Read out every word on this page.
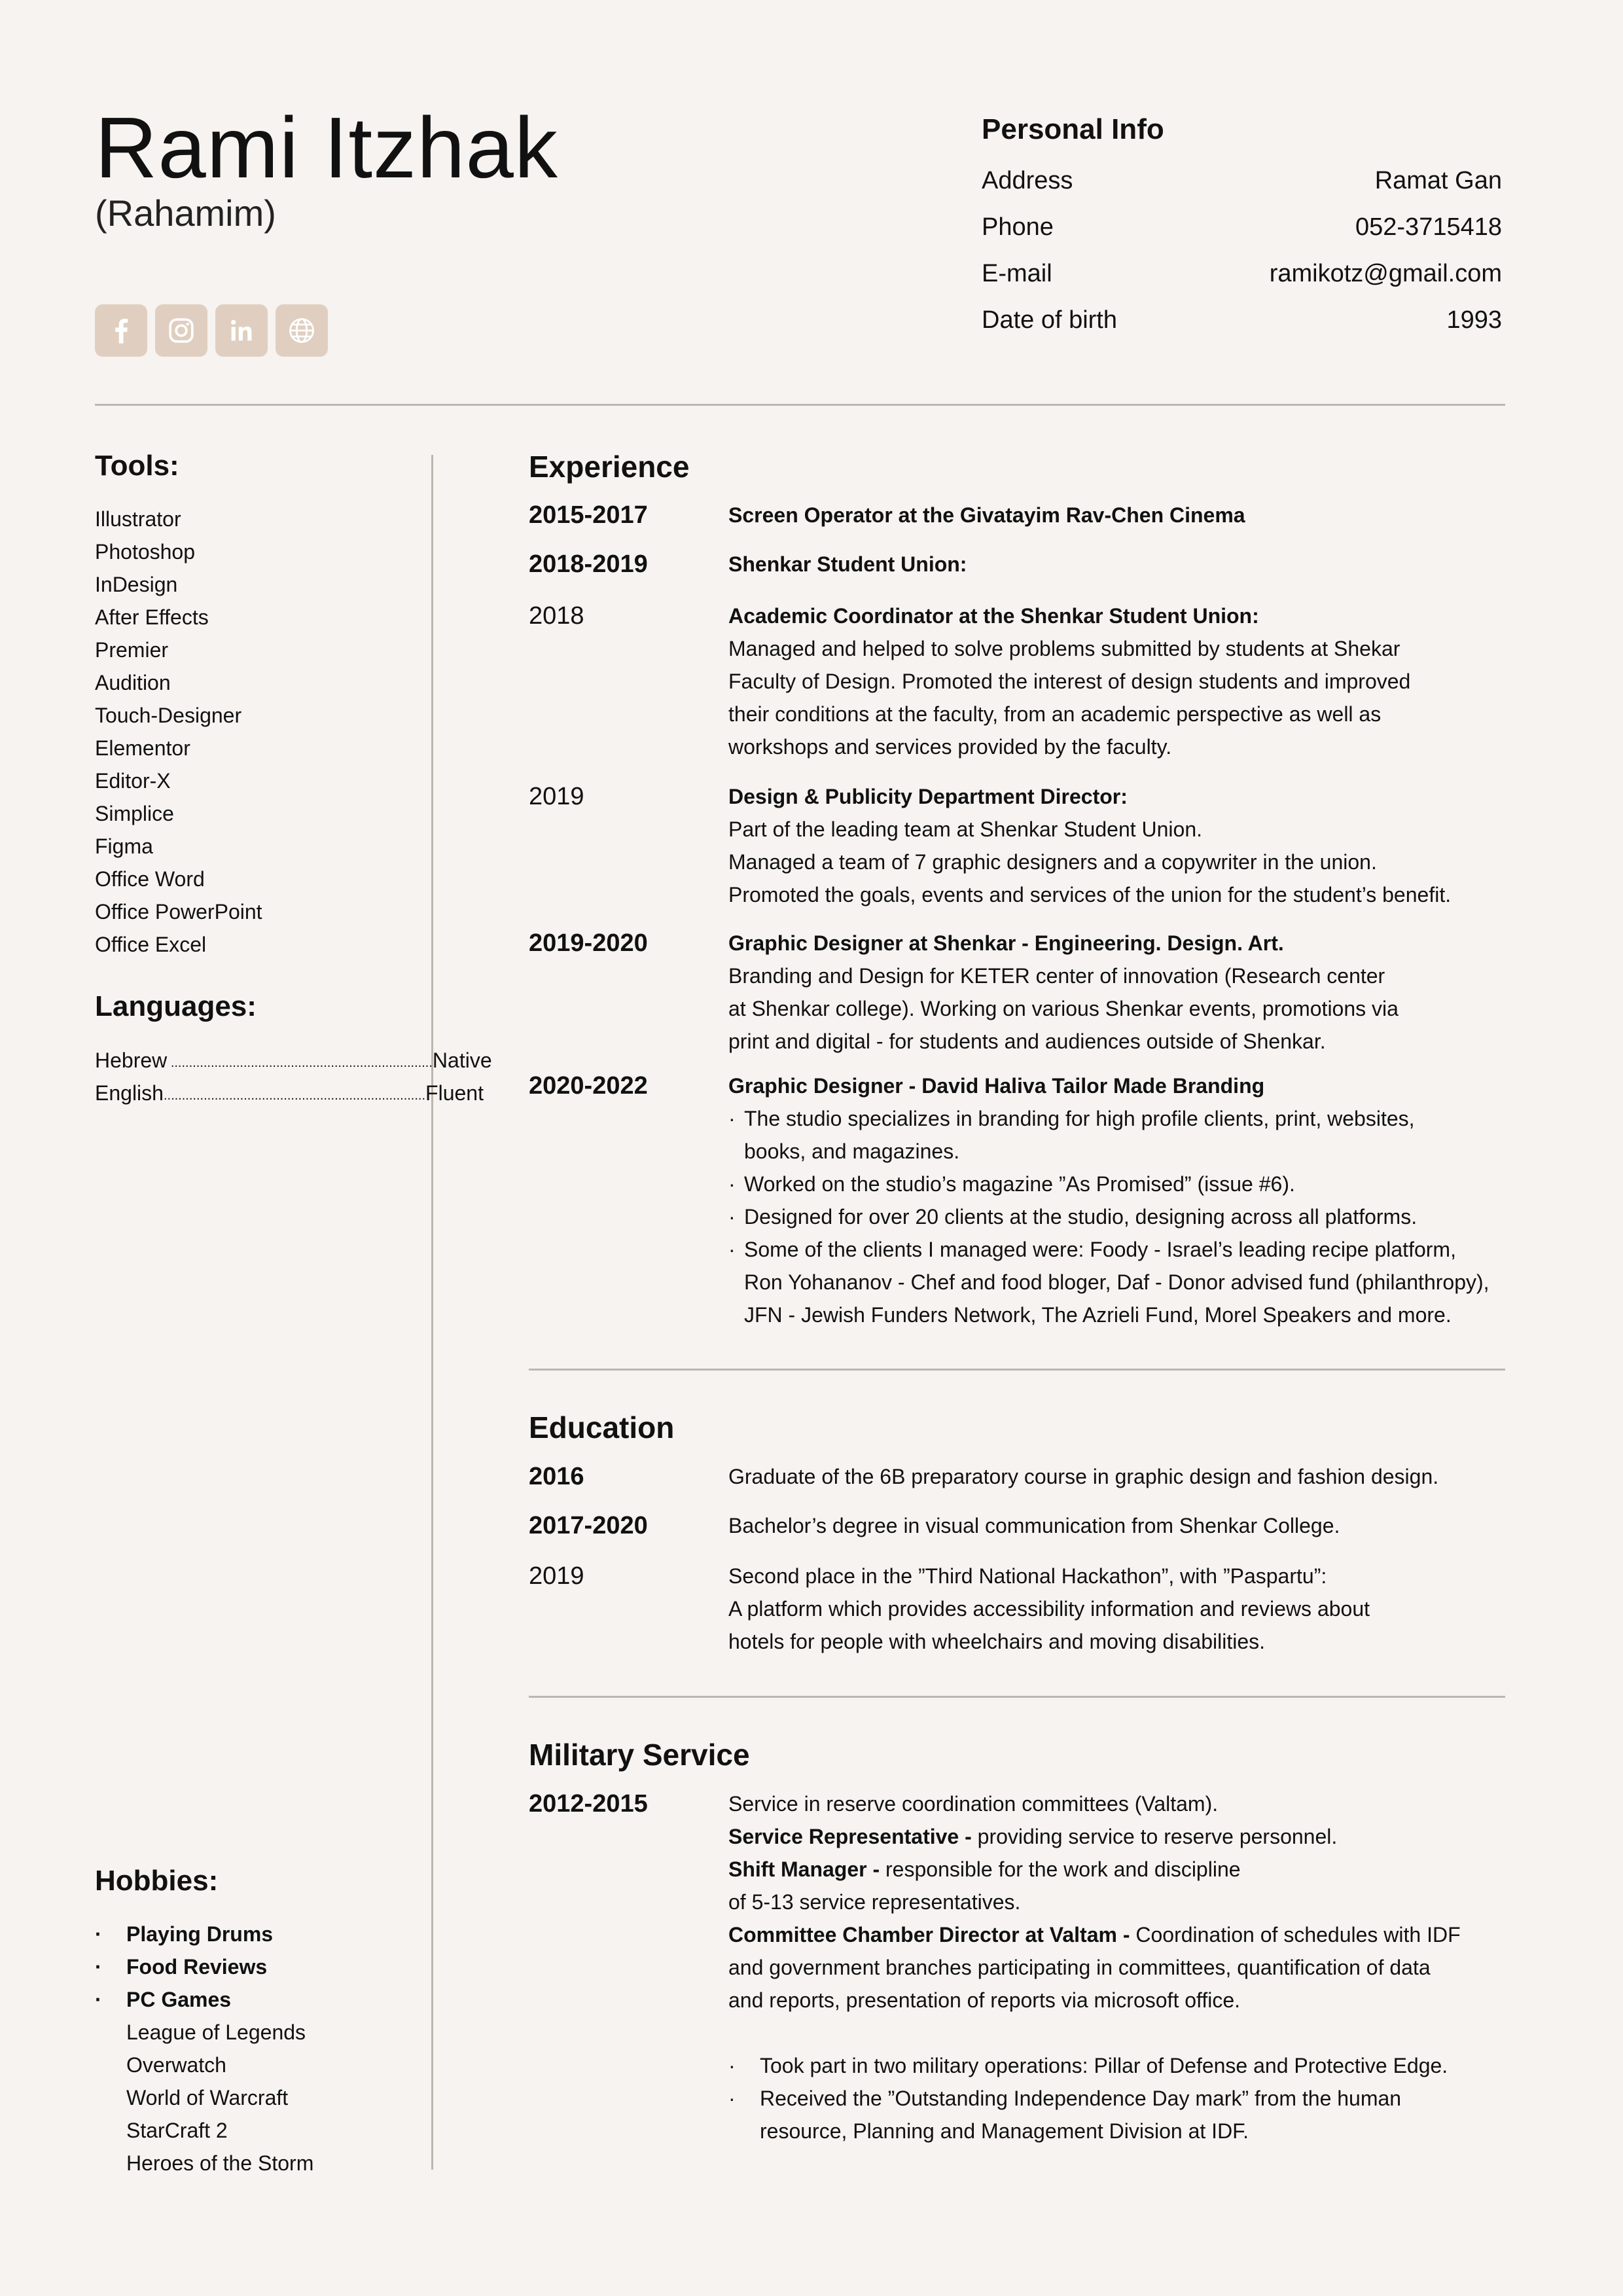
Rami Itzhak
(Rahamim)
Personal Info
Address	Ramat Gan
Phone	052-3715418
E-mail	ramikotz@gmail.com
Date of birth	1993
Tools:
Illustrator
Photoshop
InDesign
After Effects
Premier
Audition
Touch-Designer
Elementor
Editor-X
Simplice
Figma
Office Word
Office PowerPoint
Office Excel
Languages:
Hebrew ........................................................................ Native
English ........................................................................ Fluent
Hobbies:
·	Playing Drums
·	Food Reviews
·	PC Games
League of Legends
Overwatch
World of Warcraft
StarCraft 2
Heroes of the Storm
Experience
2015-2017	Screen Operator at the Givatayim Rav-Chen Cinema
2018-2019	Shenkar Student Union:
2018	Academic Coordinator at the Shenkar Student Union:
Managed and helped to solve problems submitted by students at Shekar
Faculty of Design. Promoted the interest of design students and improved
their conditions at the faculty, from an academic perspective as well as
workshops and services provided by the faculty.
2019	Design & Publicity Department Director:
Part of the leading team at Shenkar Student Union.
Managed a team of 7 graphic designers and a copywriter in the union.
Promoted the goals, events and services of the union for the student’s benefit.
2019-2020	Graphic Designer at Shenkar - Engineering. Design. Art.
Branding and Design for KETER center of innovation (Research center
at Shenkar college). Working on various Shenkar events, promotions via
print and digital - for students and audiences outside of Shenkar.
2020-2022	Graphic Designer - David Haliva Tailor Made Branding
· The studio specializes in branding for high profile clients, print, websites,
books, and magazines.
· Worked on the studio’s magazine ”As Promised” (issue #6).
· Designed for over 20 clients at the studio, designing across all platforms.
· Some of the clients I managed were: Foody - Israel’s leading recipe platform,
Ron Yohananov - Chef and food bloger, Daf - Donor advised fund (philanthropy),
JFN - Jewish Funders Network, The Azrieli Fund, Morel Speakers and more.
Education
2016	Graduate of the 6B preparatory course in graphic design and fashion design.
2017-2020	Bachelor’s degree in visual communication from Shenkar College.
2019	Second place in the ”Third National Hackathon”, with ”Paspartu”:
A platform which provides accessibility information and reviews about
hotels for people with wheelchairs and moving disabilities.
Military Service
2012-2015	Service in reserve coordination committees (Valtam).
Service Representative - providing service to reserve personnel.
Shift Manager - responsible for the work and discipline
of 5-13 service representatives.
Committee Chamber Director at Valtam - Coordination of schedules with IDF
and government branches participating in committees, quantification of data
and reports, presentation of reports via microsoft office.
·	Took part in two military operations: Pillar of Defense and Protective Edge.
·	Received the ”Outstanding Independence Day mark” from the human
resource, Planning and Management Division at IDF.
